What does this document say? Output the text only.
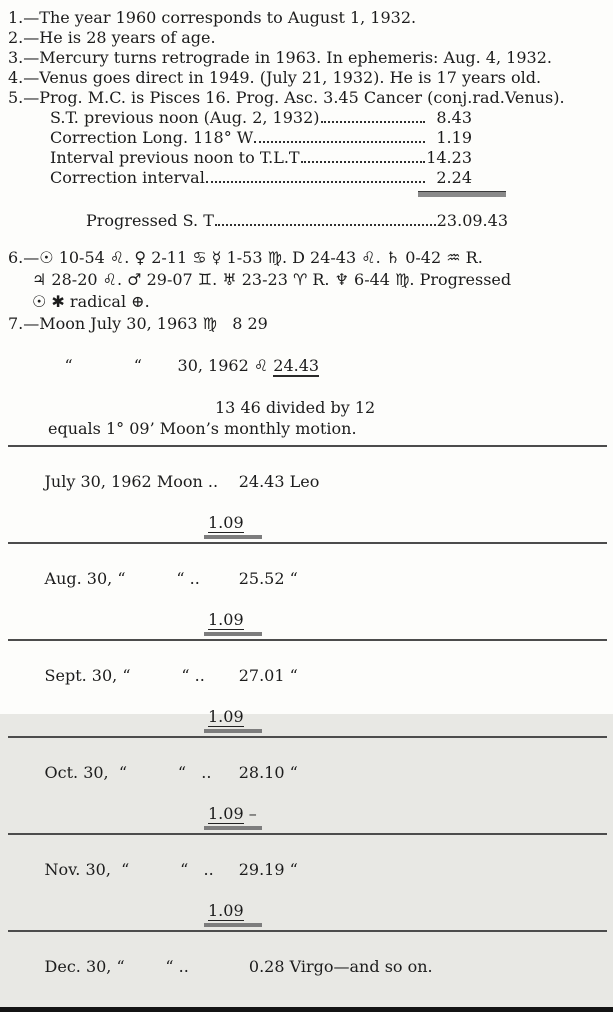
1.—The year 1960 corresponds to August 1, 1932.
2.—He is 28 years of age.
3.—Mercury turns retrograde in 1963. In ephemeris: Aug. 4, 1932.
4.—Venus goes direct in 1949. (July 21, 1932). He is 17 years old.
5.—Prog. M.C. is Pisces 16. Prog. Asc. 3.45 Cancer (conj.rad.Venus).
S.T. previous noon (Aug. 2, 1932)	8.43
Correction Long. 118° W	1.19
Interval previous noon to T.L.T	14.23
Correction interval	2.24
Progressed S. T	23.09.43
6.—☉ 10-54 ♌. ♀ 2-11 ♋ ☿ 1-53 ♍. D 24-43 ♌. ♄ 0-42 ♒ R.
♃ 28-20 ♌. ♂ 29-07 ♊. ♅ 23-23 ♈ R. ♆ 6-44 ♍. Progressed
☉ ✱ radical ⊕.
7.—Moon July 30, 1963 ♍   8 29

“            “       30, 1962 ♌ 24.43

13 46 divided by 12
equals 1° 09’ Moon’s monthly motion.

July 30, 1962 Moon .. 24.43 Leo

1.09

Aug. 30, “          “ .. 25.52 “

1.09

Sept. 30, “          “ .. 27.01 “

1.09

Oct. 30,  “          “   .. 28.10 “

1.09 –

Nov. 30,  “          “   .. 29.19 “

1.09

Dec. 30, “        “ ..	0.28 Virgo—and so on.
